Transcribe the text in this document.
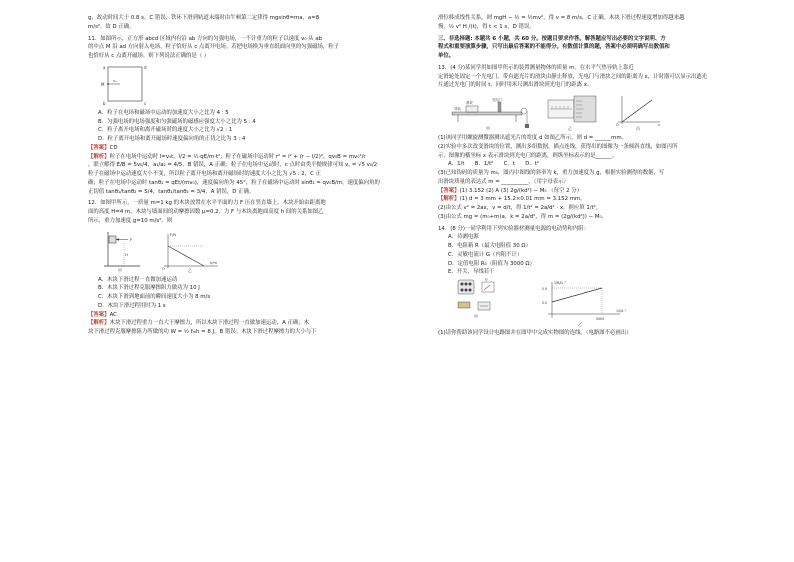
g，故动时间大于 0.8 s，C 错误；铁环下滑到轨道末端时由牛顿第二定律得 mgsinθ=ma，a=8

m/s²，故 D 正确。

11．如图所示，正方形 abcd 区域内有沿 ab 方向的匀强电场，一不计重力的粒子以速度 v₀ 从 ab

的中点 M 沿 ad 方向射入电场，粒子恰好从 c 点离开电场。若把电场换为垂直纸面向里的匀强磁场，粒子

也恰好从 c 点离开磁场。则下列说法正确的是（ ）

a
b	c
d
M
v₀

A．粒子在电场和磁场中运动的加速度大小之比为 4 : 5

B．匀强电场的电场强度和匀强磁场的磁感应强度大小之比为 5 : 4

C．粒子离开电场和离开磁场时的速度大小之比为 √2 : 1

D．粒子离开电场和离开磁场时速度偏向角的正切之比为 3 : 4

【答案】CD

【解析】粒子在电场中运动时 l=v₀t，l/2 = ½·qE/m·t²；粒子在磁场中运动时 r² = l² + (r − l/2)²，qv₀B = mv₀²/r

，联立解得 E/B = 5v₀/4，a₁/a₂ = 4/5，B 错误，A 正确；粒子在电场中运动时，c 点时由类平抛规律可知 v꜀ = √5 v₀/2

粒子在磁场中运动速度大小不变，所以粒子离开电场和离开磁场时的速度大小之比为 √5 : 2，C 正

确；粒子在电场中运动时 tanθ₁ = qEt/(mv₀)，速度偏向角为 45°，粒子在磁场中运动时 sinθ₂ = qv₀B/m，速度偏向角的

正切值 tanθ₁/tanθ₂ = 5/4，tanθ₁/tanθ₂ = 3/4，A 错误，D 正确。

12．如图甲所示，一质量 m=1 kg 的木块放置在水平平面的力 F 压在竖直墙上，木块开始由距离地

面的高度 H=4 m，木块与墙面间的动摩擦因数 μ=0.2，力 F 与木块离地面高度 h 间的关系如图乙

所示，重力加速度 g=10 m/s²。则

F
H
甲
F/N
h/m
O	乙

A．木块下滑过程一直做加速运动

B．木块下滑过程克服摩擦阻力做功为 10 J

C．木块下滑到地面前的瞬间速度大小为 8 m/s

D．木块下滑过程用时为 1 s

【答案】AC

【解析】木块下滑过程重力一直大于摩擦力，所以木块下滑过程一直做加速运动，A 正确；木

块下滑过程克服摩擦阻力所做的功 W = ½ fₘh = 8 J，B 错误；木块下滑过程摩擦力的大小与下

滑位移成线性关系，则 mgH − ½ = ½mv²，得 v = 8 m/s，C 正确。木块下滑过程速度增加得越来越

慢，½ v² H /(t)，得 t < 1 s，D 错误。

三、非选择题: 本题共 6 小题，共 60 分。按题目要求作答。解答题应写出必要的文字说明、方

程式和重要演算步骤，只写出最后答案的不能得分。有数值计算的题，答案中必须明确写出数值和

单位。

13．(4 分)某同学用如图甲所示的装置测量物体的质量 m。在水平气垫导轨上靠近

定滑轮处固定一个光电门，带有遮光片的滑块由静止释放，光电门与滑块之间的距离为 x，计时器可以显示出遮光

片通过光电门的时间 t，同时用米尺测出滑块到光电门的距离 x。

光电门
滑块
导轨
甲	乙
O	x
丙

(1)该同学用螺旋测微器测出遮光片的宽度 d 如图乙所示，则 d = ______mm。

(2)实验中多次改变滑块的位置，测出多组数据，描点连线，获得出的图像为一条倾斜直线，如图丙所

示，图像的横坐标 x 表示滑块到光电门的距离，则纵坐标表示的是______。

A．1/t B．1/t² C．t D．t²

(3)已知钩码的质量为 m₀，图丙中图线的斜率为 k，重力加速度为 g，根据实验测得的数据，写

出滑块质量的表达式 m = __________。（用字母表示）

【答案】(1) 3.152 (2) A (3) 2g/(kd²) − M₀ （每空 2 分）

【解析】(1) d = 3 mm + 15.2×0.01 mm = 3.152 mm。

(2)由公式 v² = 2ax，v = d/t，得 1/t² = 2a/d² · x，则应填 1/t²。

(3)由公式 mg = (m₀+m)a，k = 2a/d²，得 m = (2g/(kd²)) − M₀。

14．(8 分)一同学利用下列实验器材测量电源的电动势和内阻：

A．待测电源

B．电阻箱 R（最大电阻值 30 Ω）

C．灵敏电流计 G（内阻不计）

D．定值电阻 R₀（阻值为 3000 Ω）

E．开关、导线若干

G
甲
1/R/Ω⁻¹
1/I/A⁻¹
0.9
0.5
5000
乙

(1)请你帮助该同学设计电路图并在图甲中完成实物图的连线。（电路图不必画出）
